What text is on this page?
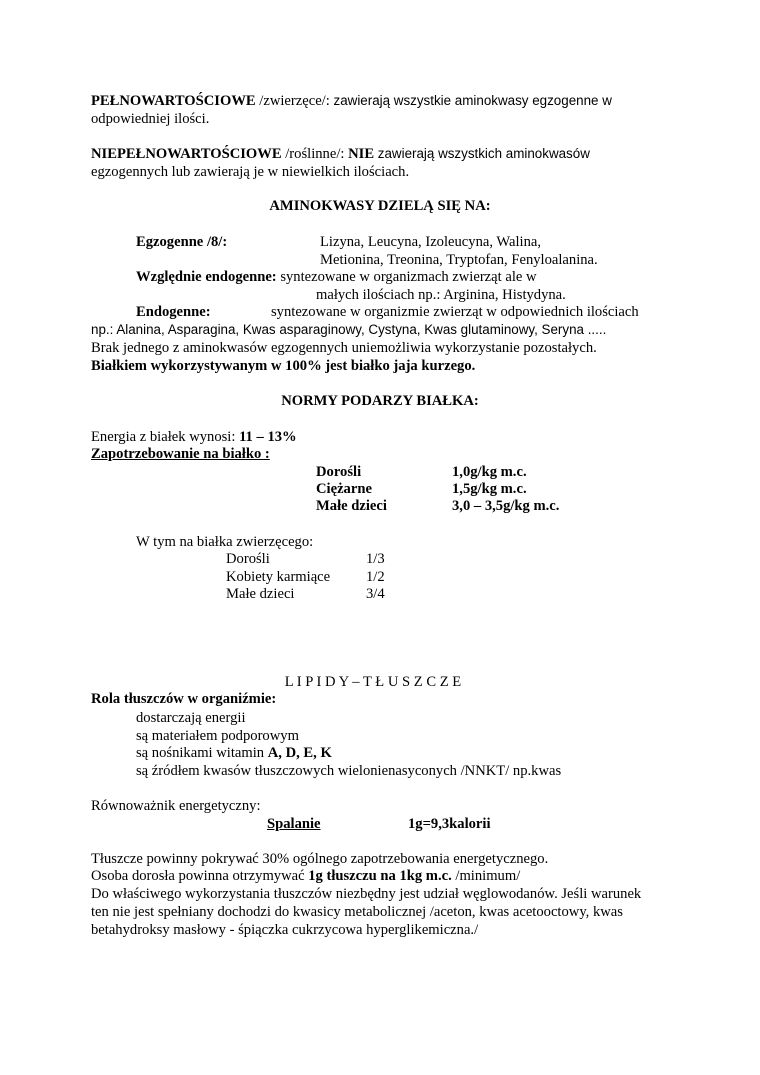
PEŁNOWARTOŚCIOWE /zwierzęce/: zawierają wszystkie aminokwasy egzogenne w
odpowiedniej ilości.
NIEPEŁNOWARTOŚCIOWE /roślinne/: NIE zawierają wszystkich aminokwasów
egzogennych lub zawierają je w niewielkich ilościach.
AMINOKWASY DZIELĄ SIĘ NA:
Egzogenne /8/:	Lizyna, Leucyna, Izoleucyna, Walina,
Metionina, Treonina, Tryptofan, Fenyloalanina.
Względnie endogenne: syntezowane w organizmach zwierząt ale w
małych ilościach np.: Arginina, Histydyna.
Endogenne:	syntezowane w organizmie zwierząt w odpowiednich ilościach
np.: Alanina, Asparagina, Kwas asparaginowy, Cystyna, Kwas glutaminowy, Seryna .....
Brak jednego z aminokwasów egzogennych uniemożliwia wykorzystanie pozostałych.
Białkiem wykorzystywanym w 100% jest białko jaja kurzego.
NORMY PODARZY BIAŁKA:
Energia z białek wynosi: 11 – 13%
Zapotrzebowanie na białko :
Dorośli	1,0g/kg m.c.
Ciężarne	1,5g/kg m.c.
Małe dzieci	3,0 – 3,5g/kg m.c.
W tym na białka zwierzęcego:
Dorośli	1/3
Kobiety karmiące 1/2
Małe dzieci	3/4
L I P I D Y – T Ł U S Z C Z E
Rola tłuszczów w organiźmie:
dostarczają energii
są materiałem podporowym
są nośnikami witamin A, D, E, K
są źródłem kwasów tłuszczowych wielonienasyconych /NNKT/ np.kwas
Równoważnik energetyczny:
Spalanie	1g=9,3kalorii
Tłuszcze powinny pokrywać 30% ogólnego zapotrzebowania energetycznego.
Osoba dorosła powinna otrzymywać 1g tłuszczu na 1kg m.c. /minimum/
Do właściwego wykorzystania tłuszczów niezbędny jest udział węglowodanów. Jeśli warunek
ten nie jest spełniany dochodzi do kwasicy metabolicznej /aceton, kwas acetooctowy, kwas
betahydroksy masłowy - śpiączka cukrzycowa hyperglikemiczna./
